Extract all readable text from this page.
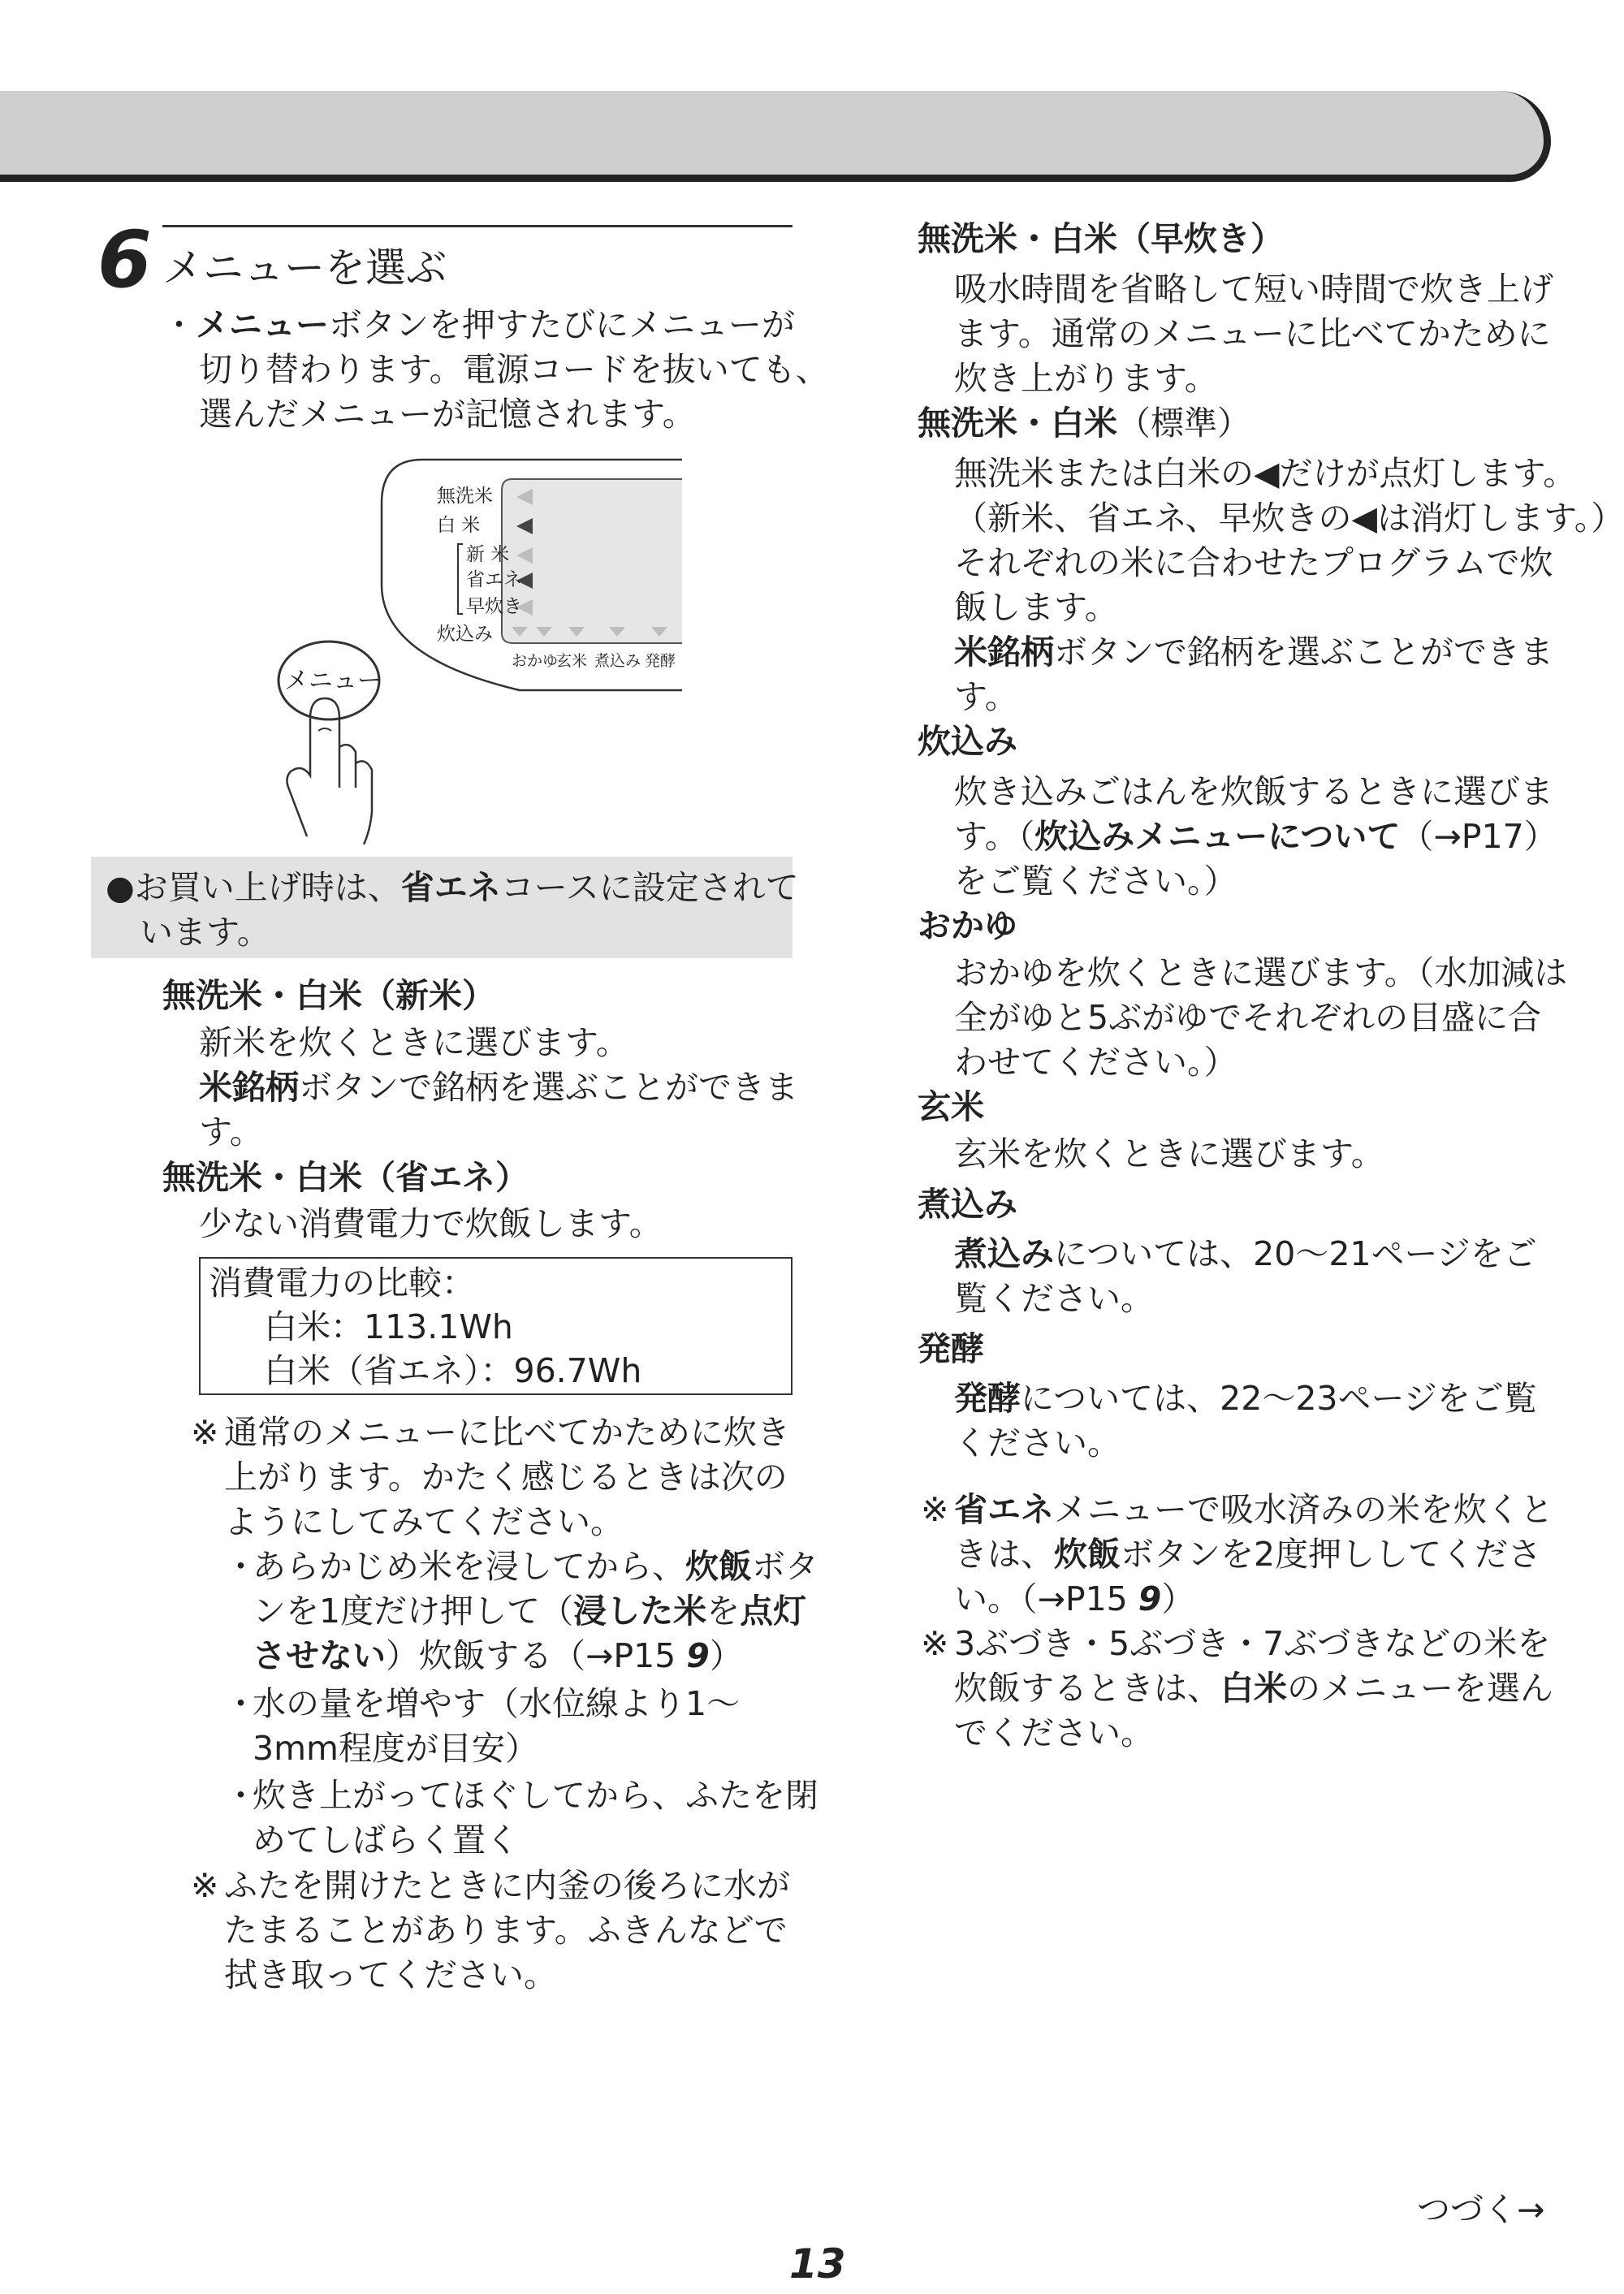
6 メニューを選ぶ
・メニューボタンを押すたびにメニューが
切り替わります。電源コードを抜いても、
選んだメニューが記憶されます。
無洗米
白 米
新 米
省エネ
早炊き
炊込み
おかゆ
玄米 煮込み 発酵
メニュー
●お買い上げ時は、省エネコースに設定されて
います。
無洗米・白米（新米）
新米を炊くときに選びます。
米銘柄ボタンで銘柄を選ぶことができま
す。
無洗米・白米（省エネ）
少ない消費電力で炊飯します。
消費電力の比較：
白米：113.1Wh
白米（省エネ）：96.7Wh
※ 通常のメニューに比べてかために炊き
上がります。かたく感じるときは次の
ようにしてみてください。
・
あらかじめ米を浸してから、炊飯ボタ
ンを1度だけ押して（浸した米を点灯
させない）炊飯する（→P15 9）
・
水の量を増やす（水位線より1～
3mm程度が目安）
・
炊き上がってほぐしてから、ふたを閉
めてしばらく置く
※ ふたを開けたときに内釜の後ろに水が
たまることがあります。ふきんなどで
拭き取ってください。
無洗米・白米（早炊き）
吸水時間を省略して短い時間で炊き上げ
ます。通常のメニューに比べてかために
炊き上がります。
無洗米・白米（標準）
無洗米または白米の◀だけが点灯します。
（新米、省エネ、早炊きの◀は消灯します。）
それぞれの米に合わせたプログラムで炊
飯します。
米銘柄ボタンで銘柄を選ぶことができま
す。
炊込み
炊き込みごはんを炊飯するときに選びま
す。（炊込みメニューについて（→P17）
をご覧ください。）
おかゆ
おかゆを炊くときに選びます。（水加減は
全がゆと5ぶがゆでそれぞれの目盛に合
わせてください。）
玄米
玄米を炊くときに選びます。
煮込み
煮込みについては、20～21ページをご
覧ください。
発酵
発酵については、22～23ページをご覧
ください。
※ 省エネメニューで吸水済みの米を炊くと
きは、炊飯ボタンを2度押ししてくださ
い。（→P15 9）
※ 3ぶづき・5ぶづき・7ぶづきなどの米を
炊飯するときは、白米のメニューを選ん
でください。
つづく→
13
